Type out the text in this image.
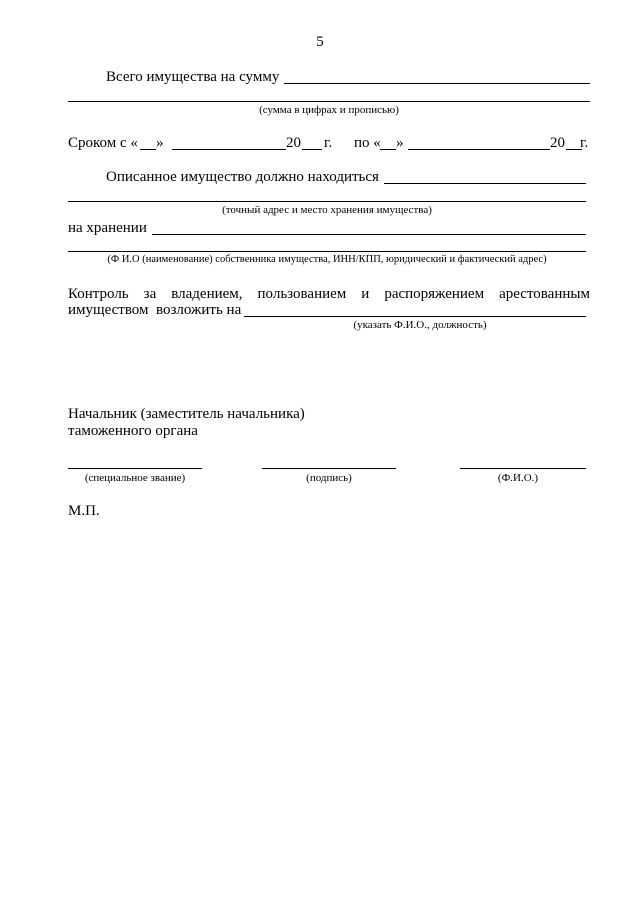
5
Всего имущества на сумму
(сумма в цифрах и прописью)
Сроком с « »	20 г. по « »	20 г.
Описанное имущество должно находиться
(точный адрес и место хранения имущества)
на хранении
(Ф И.О (наименование) собственника имущества, ИНН/КПП, юридический и фактический адрес)
Контроль за владением, пользованием и распоряжением арестованным
имуществом  возложить на
(указать Ф.И.О., должность)
Начальник (заместитель начальника)
таможенного органа
(специальное звание)	(подпись)	(Ф.И.О.)
М.П.
